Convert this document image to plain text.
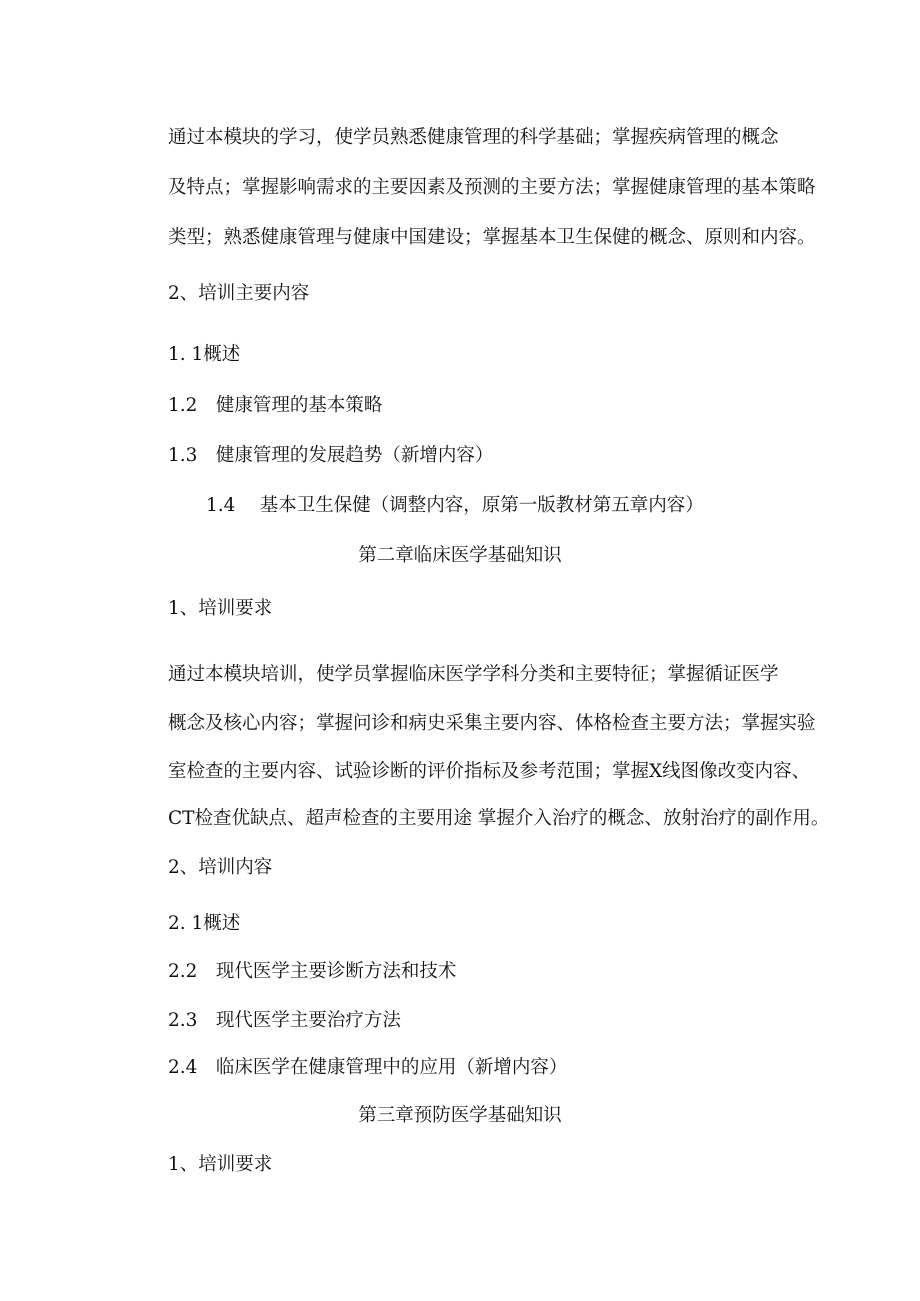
通过本模块的学习，使学员熟悉健康管理的科学基础；掌握疾病管理的概念

及特点；掌握影响需求的主要因素及预测的主要方法；掌握健康管理的基本策略

类型；熟悉健康管理与健康中国建设；掌握基本卫生保健的概念、原则和内容。

2、培训主要内容

1. 1概述

1.2　健康管理的基本策略

1.3　健康管理的发展趋势（新增内容）

1.4　 基本卫生保健（调整内容，原第一版教材第五章内容）

第二章临床医学基础知识

1、培训要求

通过本模块培训，使学员掌握临床医学学科分类和主要特征；掌握循证医学

概念及核心内容；掌握问诊和病史采集主要内容、体格检查主要方法；掌握实验

室检查的主要内容、试验诊断的评价指标及参考范围；掌握X线图像改变内容、

CT检查优缺点、超声检查的主要用途 掌握介入治疗的概念、放射治疗的副作用。

2、培训内容

2. 1概述

2.2　现代医学主要诊断方法和技术

2.3　现代医学主要治疗方法

2.4　临床医学在健康管理中的应用（新增内容）

第三章预防医学基础知识

1、培训要求
